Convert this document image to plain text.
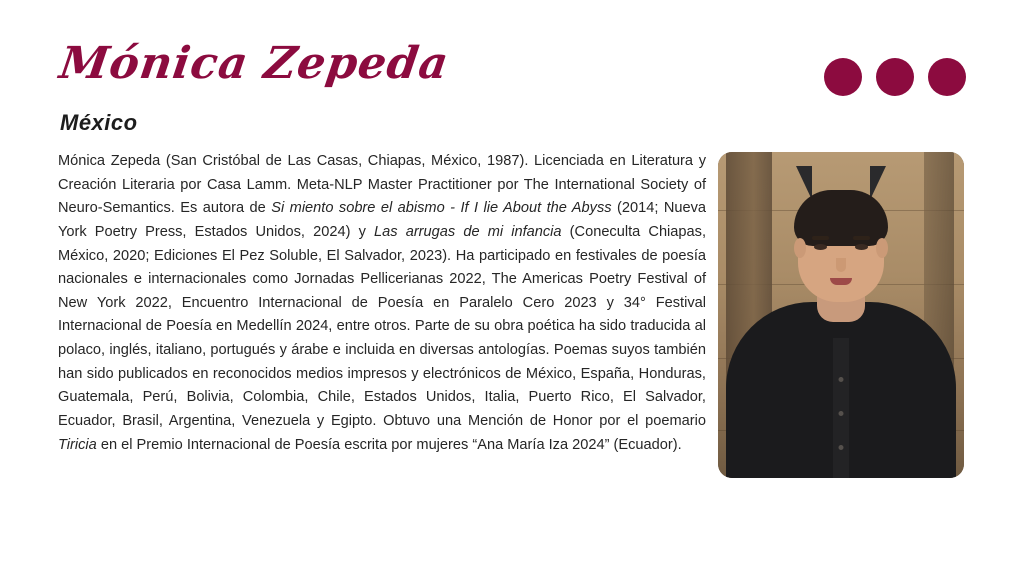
Mónica Zepeda
México
Mónica Zepeda (San Cristóbal de Las Casas, Chiapas, México, 1987). Licenciada en Literatura y Creación Literaria por Casa Lamm. Meta-NLP Master Practitioner por The International Society of Neuro-Semantics. Es autora de Si miento sobre el abismo - If I lie About the Abyss (2014; Nueva York Poetry Press, Estados Unidos, 2024) y Las arrugas de mi infancia (Coneculta Chiapas, México, 2020; Ediciones El Pez Soluble, El Salvador, 2023). Ha participado en festivales de poesía nacionales e internacionales como Jornadas Pellicerianas 2022, The Americas Poetry Festival of New York 2022, Encuentro Internacional de Poesía en Paralelo Cero 2023 y 34° Festival Internacional de Poesía en Medellín 2024, entre otros. Parte de su obra poética ha sido traducida al polaco, inglés, italiano, portugués y árabe e incluida en diversas antologías. Poemas suyos también han sido publicados en reconocidos medios impresos y electrónicos de México, España, Honduras, Guatemala, Perú, Bolivia, Colombia, Chile, Estados Unidos, Italia, Puerto Rico, El Salvador, Ecuador, Brasil, Argentina, Venezuela y Egipto. Obtuvo una Mención de Honor por el poemario Tiricia en el Premio Internacional de Poesía escrita por mujeres “Ana María Iza 2024” (Ecuador).
